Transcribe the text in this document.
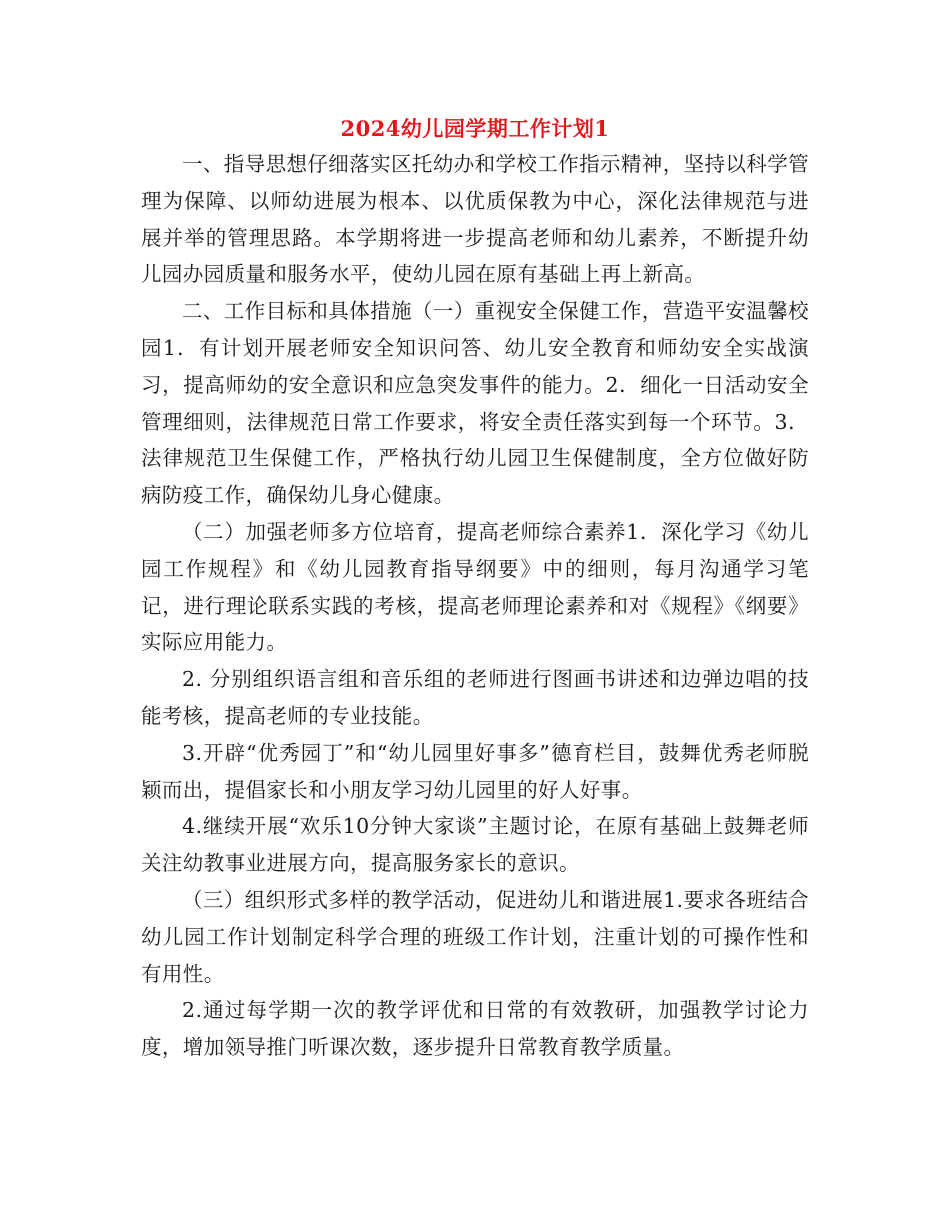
2024幼儿园学期工作计划1

一、指导思想仔细落实区托幼办和学校工作指示精神，坚持以科学管理为保障、以师幼进展为根本、以优质保教为中心，深化法律规范与进展并举的管理思路。本学期将进一步提高老师和幼儿素养，不断提升幼儿园办园质量和服务水平，使幼儿园在原有基础上再上新高。

二、工作目标和具体措施（一）重视安全保健工作，营造平安温馨校园1．有计划开展老师安全知识问答、幼儿安全教育和师幼安全实战演习，提高师幼的安全意识和应急突发事件的能力。2．细化一日活动安全管理细则，法律规范日常工作要求，将安全责任落实到每一个环节。3．法律规范卫生保健工作，严格执行幼儿园卫生保健制度，全方位做好防病防疫工作，确保幼儿身心健康。

（二）加强老师多方位培育，提高老师综合素养1．深化学习《幼儿园工作规程》和《幼儿园教育指导纲要》中的细则，每月沟通学习笔记，进行理论联系实践的考核，提高老师理论素养和对《规程》《纲要》实际应用能力。

2. 分别组织语言组和音乐组的老师进行图画书讲述和边弹边唱的技能考核，提高老师的专业技能。

3.开辟“优秀园丁”和“幼儿园里好事多”德育栏目，鼓舞优秀老师脱颖而出，提倡家长和小朋友学习幼儿园里的好人好事。

4.继续开展“欢乐10分钟大家谈”主题讨论，在原有基础上鼓舞老师关注幼教事业进展方向，提高服务家长的意识。

（三）组织形式多样的教学活动，促进幼儿和谐进展1.要求各班结合幼儿园工作计划制定科学合理的班级工作计划，注重计划的可操作性和有用性。

2.通过每学期一次的教学评优和日常的有效教研，加强教学讨论力度，增加领导推门听课次数，逐步提升日常教育教学质量。
